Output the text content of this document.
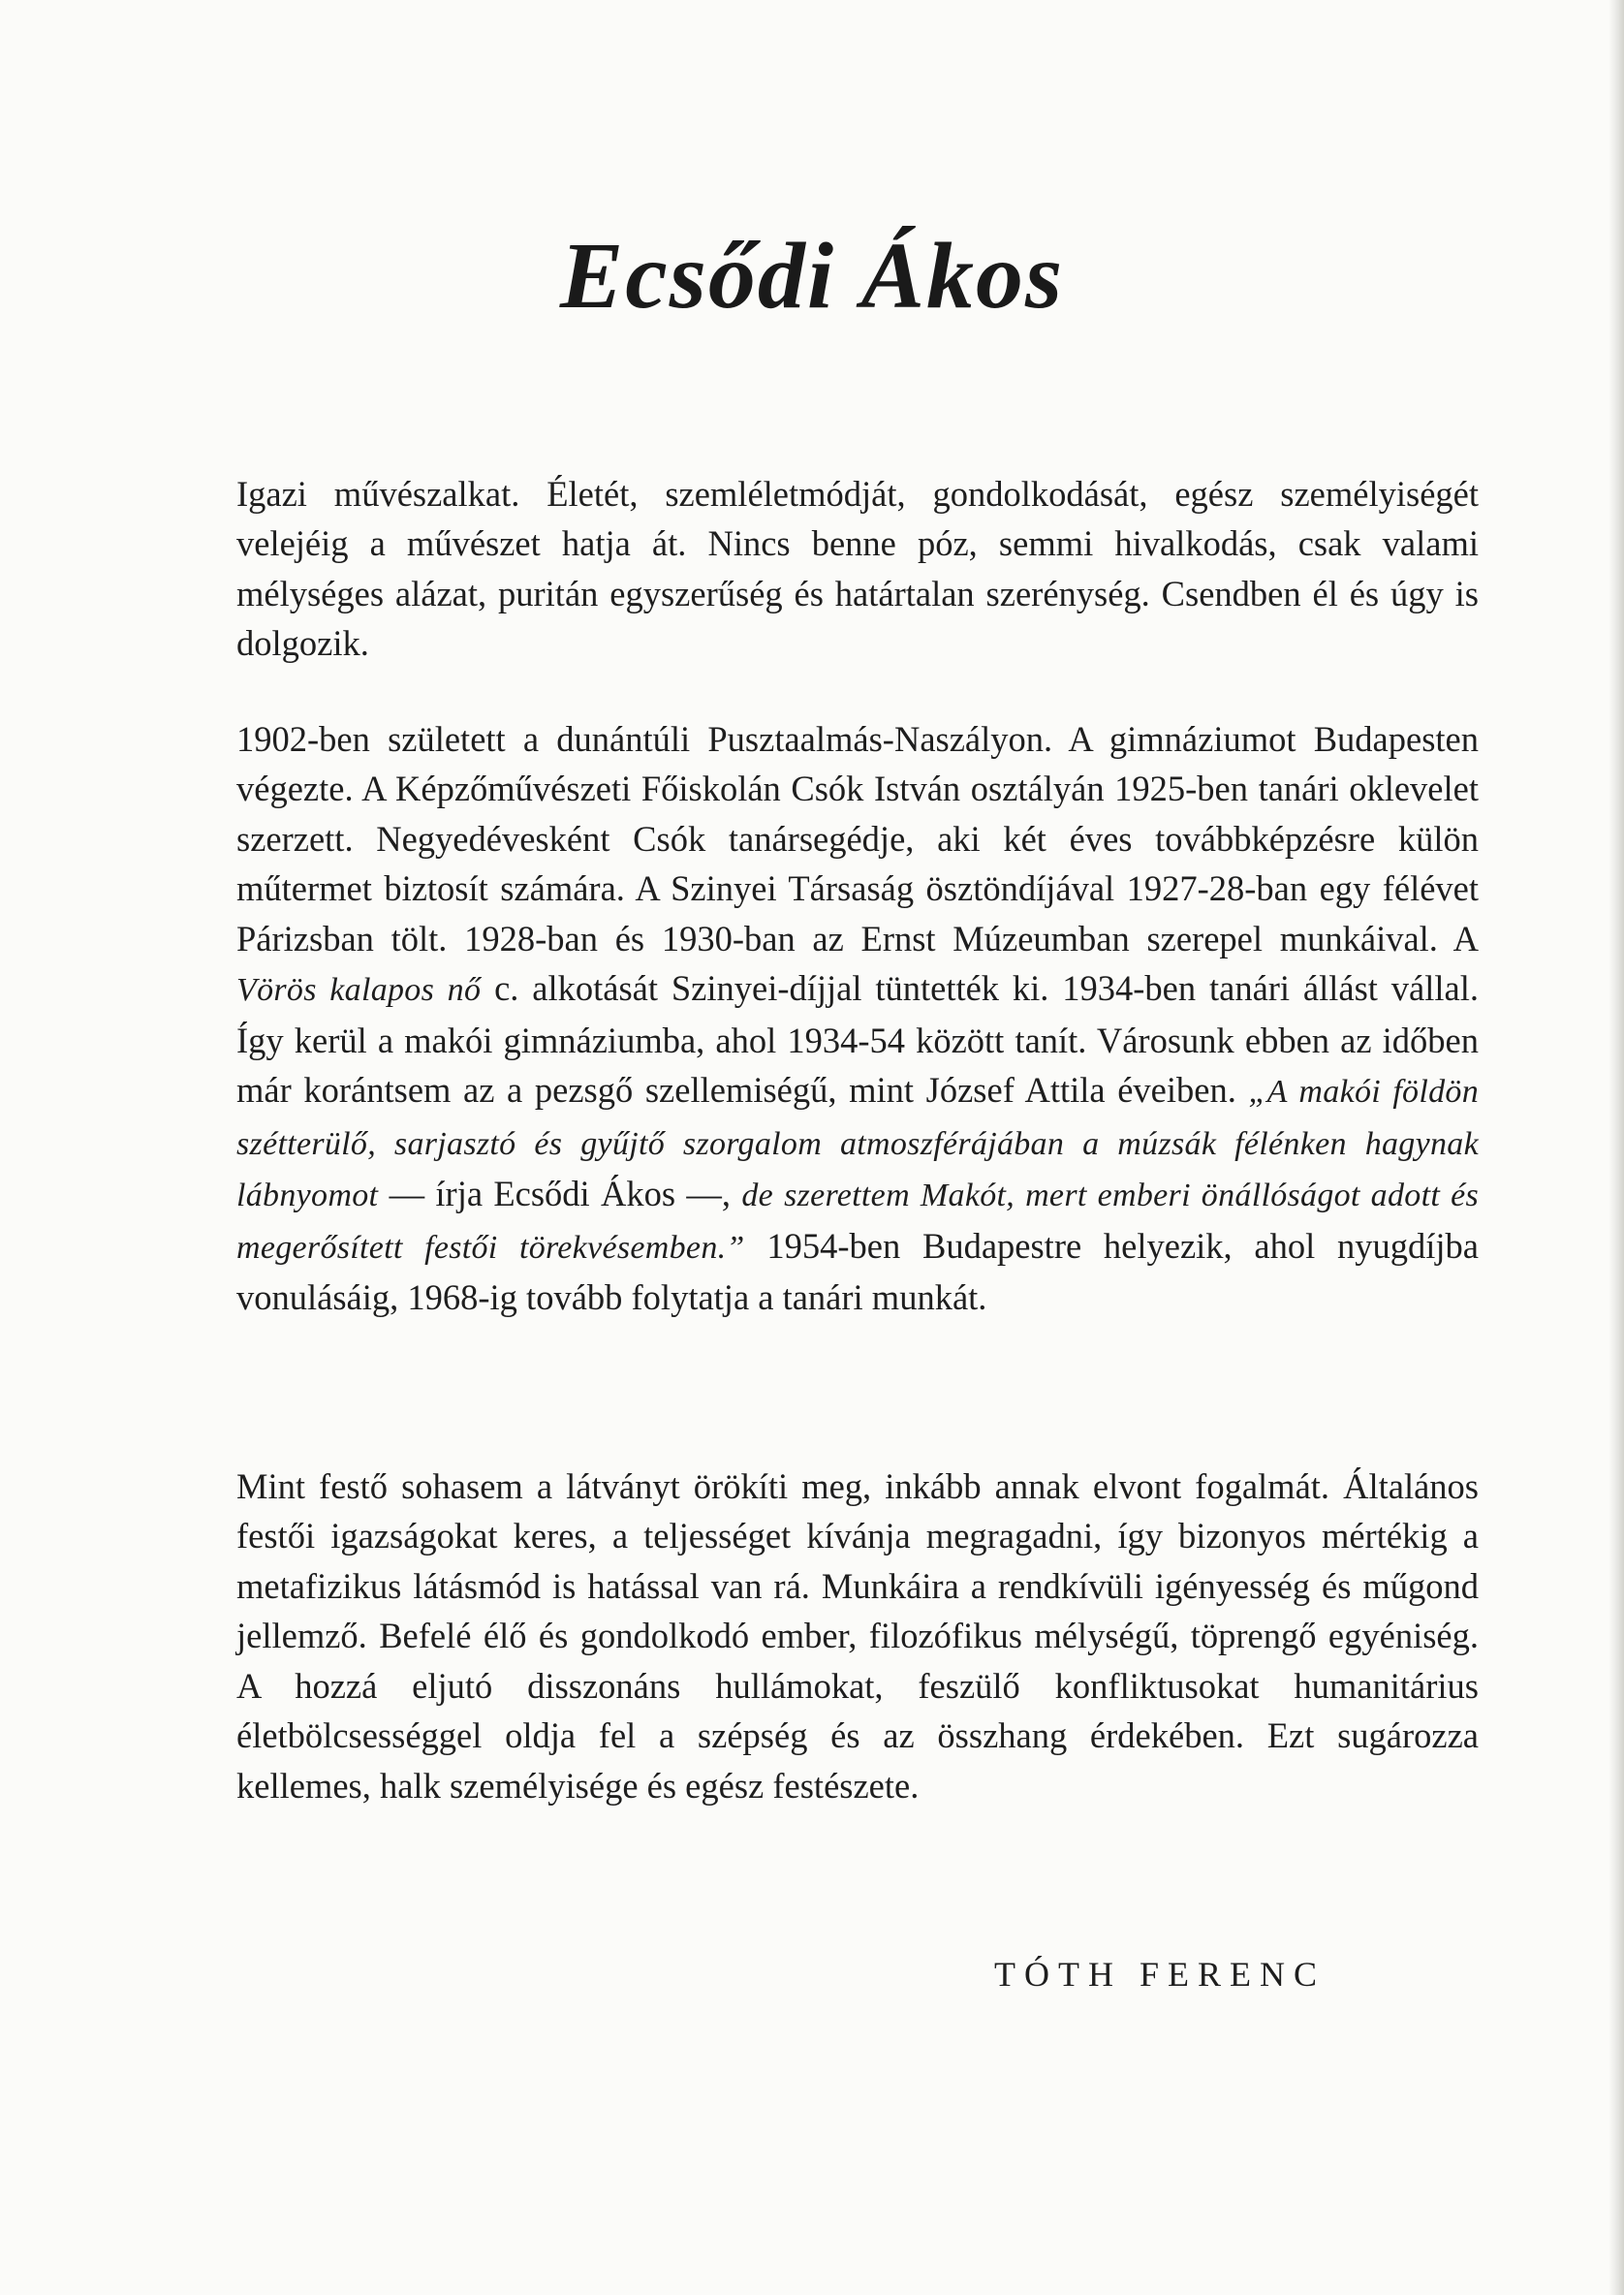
Ecsődi Ákos

Igazi művészalkat. Életét, szemléletmódját, gondolkodását, egész személyiségét velejéig a művészet hatja át. Nincs benne póz, semmi hivalkodás, csak valami mélységes alázat, puritán egyszerűség és határtalan szerénység. Csendben él és úgy is dolgozik.

1902-ben született a dunántúli Pusztaalmás-Naszályon. A gimnáziumot Budapesten végezte. A Képzőművészeti Főiskolán Csók István osztályán 1925-ben tanári oklevelet szerzett. Negyedévesként Csók tanársegédje, aki két éves továbbképzésre külön műtermet biztosít számára. A Szinyei Társaság ösztöndíjával 1927-28-ban egy félévet Párizsban tölt. 1928-ban és 1930-ban az Ernst Múzeumban szerepel munkáival. A Vörös kalapos nő c. alkotását Szinyei-díjjal tüntették ki. 1934-ben tanári állást vállal. Így kerül a makói gimnáziumba, ahol 1934-54 között tanít. Városunk ebben az időben már korántsem az a pezsgő szellemiségű, mint József Attila éveiben. „A makói földön szétterülő, sarjasztó és gyűjtő szorgalom atmoszférájában a múzsák félénken hagynak lábnyomot — írja Ecsődi Ákos —, de szerettem Makót, mert emberi önállóságot adott és megerősített festői törekvésemben.” 1954-ben Budapestre helyezik, ahol nyugdíjba vonulásáig, 1968-ig tovább folytatja a tanári munkát.

Mint festő sohasem a látványt örökíti meg, inkább annak elvont fogalmát. Általános festői igazságokat keres, a teljességet kívánja megragadni, így bizonyos mértékig a metafizikus látásmód is hatással van rá. Munkáira a rendkívüli igényesség és műgond jellemző. Befelé élő és gondolkodó ember, filozófikus mélységű, töprengő egyéniség. A hozzá eljutó disszonáns hullámokat, feszülő konfliktusokat humanitárius életbölcsességgel oldja fel a szépség és az összhang érdekében. Ezt sugározza kellemes, halk személyisége és egész festészete.

TÓTH FERENC
